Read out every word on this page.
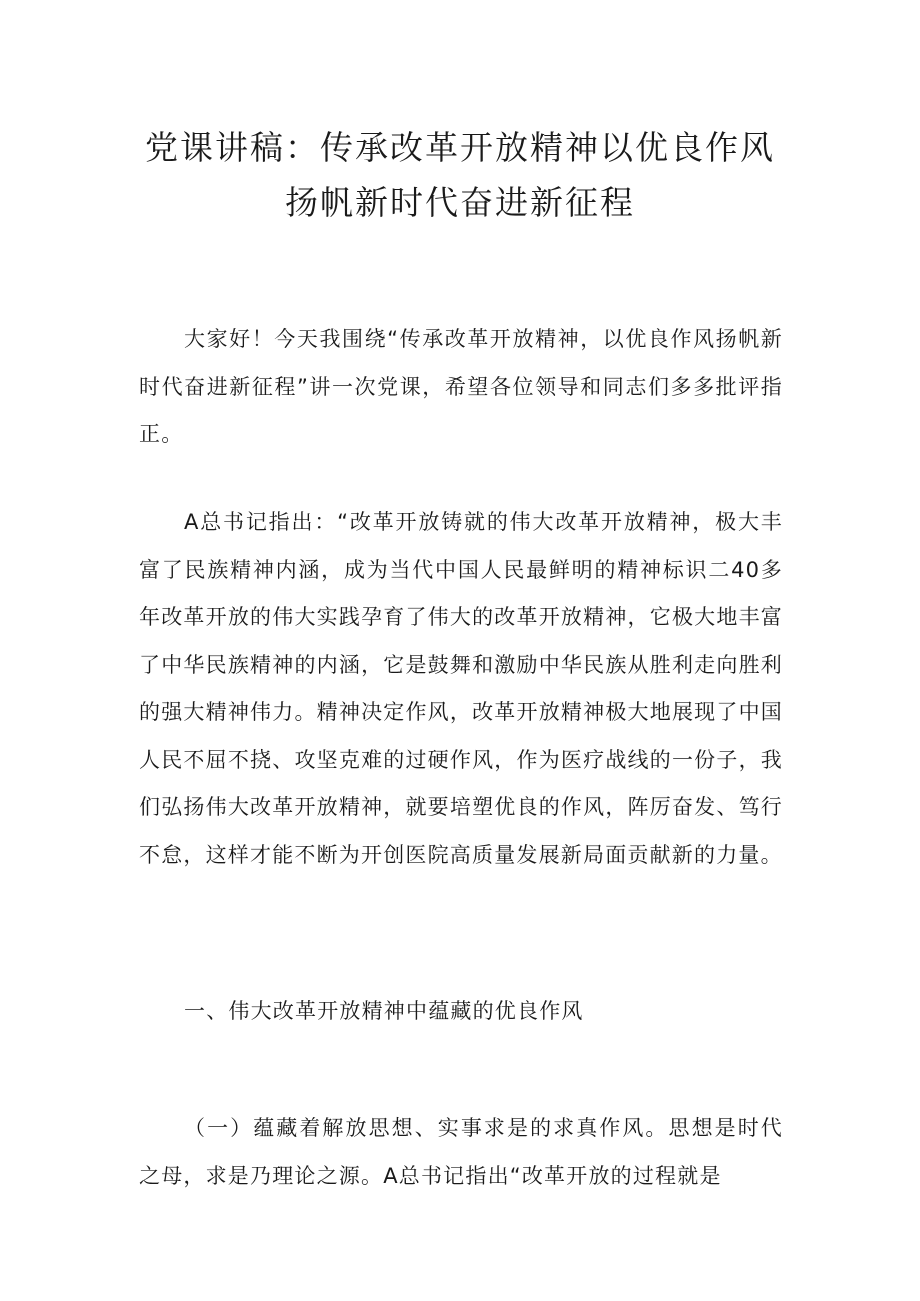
党课讲稿：传承改革开放精神以优良作风
扬帆新时代奋进新征程

大家好！今天我围绕“传承改革开放精神，以优良作风扬帆新时代奋进新征程”讲一次党课，希望各位领导和同志们多多批评指正。

A总书记指出：“改革开放铸就的伟大改革开放精神，极大丰富了民族精神内涵，成为当代中国人民最鲜明的精神标识二40多年改革开放的伟大实践孕育了伟大的改革开放精神，它极大地丰富了中华民族精神的内涵，它是鼓舞和激励中华民族从胜利走向胜利的强大精神伟力。精神决定作风，改革开放精神极大地展现了中国人民不屈不挠、攻坚克难的过硬作风，作为医疗战线的一份子，我们弘扬伟大改革开放精神，就要培塑优良的作风，阵厉奋发、笃行不怠，这样才能不断为开创医院高质量发展新局面贡献新的力量。

一、伟大改革开放精神中蕴藏的优良作风

（一）蕴藏着解放思想、实事求是的求真作风。思想是时代之母，求是乃理论之源。A总书记指出“改革开放的过程就是
